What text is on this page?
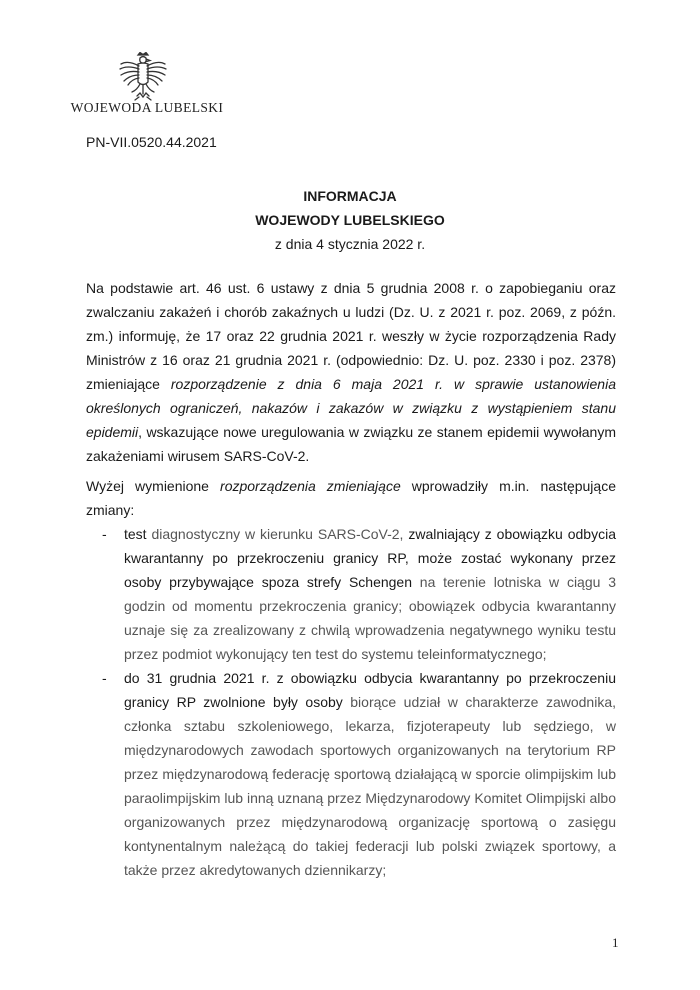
WOJEWODA LUBELSKI
PN-VII.0520.44.2021
INFORMACJA
WOJEWODY LUBELSKIEGO
z dnia 4 stycznia 2022 r.

Na podstawie art. 46 ust. 6 ustawy z dnia 5 grudnia 2008 r. o zapobieganiu oraz zwalczaniu zakażeń i chorób zakaźnych u ludzi (Dz. U. z 2021 r. poz. 2069, z późn. zm.) informuję, że 17 oraz 22 grudnia 2021 r. weszły w życie rozporządzenia Rady Ministrów z 16 oraz 21 grudnia 2021 r. (odpowiednio: Dz. U. poz. 2330 i poz. 2378) zmieniające rozporządzenie z dnia 6 maja 2021 r. w sprawie ustanowienia określonych ograniczeń, nakazów i zakazów w związku z wystąpieniem stanu epidemii, wskazujące nowe uregulowania w związku ze stanem epidemii wywołanym zakażeniami wirusem SARS-CoV-2.

Wyżej wymienione rozporządzenia zmieniające wprowadziły m.in. następujące zmiany:

- test diagnostyczny w kierunku SARS-CoV-2, zwalniający z obowiązku odbycia kwarantanny po przekroczeniu granicy RP, może zostać wykonany przez osoby przybywające spoza strefy Schengen na terenie lotniska w ciągu 3 godzin od momentu przekroczenia granicy; obowiązek odbycia kwarantanny uznaje się za zrealizowany z chwilą wprowadzenia negatywnego wyniku testu przez podmiot wykonujący ten test do systemu teleinformatycznego;
- do 31 grudnia 2021 r. z obowiązku odbycia kwarantanny po przekroczeniu granicy RP zwolnione były osoby biorące udział w charakterze zawodnika, członka sztabu szkoleniowego, lekarza, fizjoterapeuty lub sędziego, w międzynarodowych zawodach sportowych organizowanych na terytorium RP przez międzynarodową federację sportową działającą w sporcie olimpijskim lub paraolimpijskim lub inną uznaną przez Międzynarodowy Komitet Olimpijski albo organizowanych przez międzynarodową organizację sportową o zasięgu kontynentalnym należącą do takiej federacji lub polski związek sportowy, a także przez akredytowanych dziennikarzy;
1
